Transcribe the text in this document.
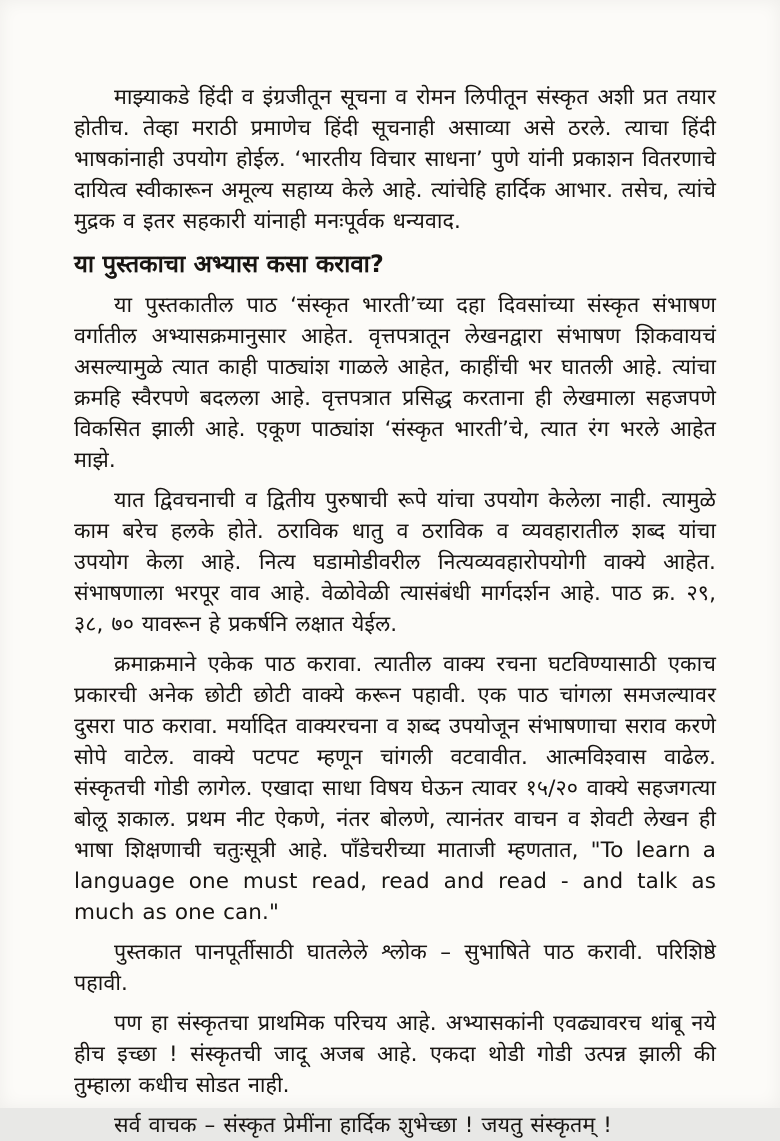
माझ्याकडे हिंदी व इंग्रजीतून सूचना व रोमन लिपीतून संस्कृत अशी प्रत तयार होतीच. तेव्हा मराठी प्रमाणेच हिंदी सूचनाही असाव्या असे ठरले. त्याचा हिंदी भाषकांनाही उपयोग होईल. ‘भारतीय विचार साधना’ पुणे यांनी प्रकाशन वितरणाचे दायित्व स्वीकारून अमूल्य सहाय्य केले आहे. त्यांचेहि हार्दिक आभार. तसेच, त्यांचे मुद्रक व इतर सहकारी यांनाही मनःपूर्वक धन्यवाद.

या पुस्तकाचा अभ्यास कसा करावा?

या पुस्तकातील पाठ ‘संस्कृत भारती’च्या दहा दिवसांच्या संस्कृत संभाषण वर्गातील अभ्यासक्रमानुसार आहेत. वृत्तपत्रातून लेखनद्वारा संभाषण शिकवायचं असल्यामुळे त्यात काही पाठ्यांश गाळले आहेत, काहींची भर घातली आहे. त्यांचा क्रमहि स्वैरपणे बदलला आहे. वृत्तपत्रात प्रसिद्ध करताना ही लेखमाला सहजपणे विकसित झाली आहे. एकूण पाठ्यांश ‘संस्कृत भारती’चे, त्यात रंग भरले आहेत माझे.

यात द्विवचनाची व द्वितीय पुरुषाची रूपे यांचा उपयोग केलेला नाही. त्यामुळे काम बरेच हलके होते. ठराविक धातु व ठराविक व व्यवहारातील शब्द यांचा उपयोग केला आहे. नित्य घडामोडीवरील नित्यव्यवहारोपयोगी वाक्ये आहेत. संभाषणाला भरपूर वाव आहे. वेळोवेळी त्यासंबंधी मार्गदर्शन आहे. पाठ क्र. २९, ३८, ७० यावरून हे प्रकर्षनि लक्षात येईल.

क्रमाक्रमाने एकेक पाठ करावा. त्यातील वाक्य रचना घटविण्यासाठी एकाच प्रकारची अनेक छोटी छोटी वाक्ये करून पहावी. एक पाठ चांगला समजल्यावर दुसरा पाठ करावा. मर्यादित वाक्यरचना व शब्द उपयोजून संभाषणाचा सराव करणे सोपे वाटेल. वाक्ये पटपट म्हणून चांगली वटवावीत. आत्मविश्वास वाढेल. संस्कृतची गोडी लागेल. एखादा साधा विषय घेऊन त्यावर १५/२० वाक्ये सहजगत्या बोलू शकाल. प्रथम नीट ऐकणे, नंतर बोलणे, त्यानंतर वाचन व शेवटी लेखन ही भाषा शिक्षणाची चतुःसूत्री आहे. पाँडेचरीच्या माताजी म्हणतात, "To learn a language one must read, read and read - and talk as much as one can."

पुस्तकात पानपूर्तीसाठी घातलेले श्लोक – सुभाषिते पाठ करावी. परिशिष्ठे पहावी.

पण हा संस्कृतचा प्राथमिक परिचय आहे. अभ्यासकांनी एवढ्यावरच थांबू नये हीच इच्छा ! संस्कृतची जादू अजब आहे. एकदा थोडी गोडी उत्पन्न झाली की तुम्हाला कधीच सोडत नाही.

सर्व वाचक – संस्कृत प्रेमींना हार्दिक शुभेच्छा ! जयतु संस्कृतम् !
